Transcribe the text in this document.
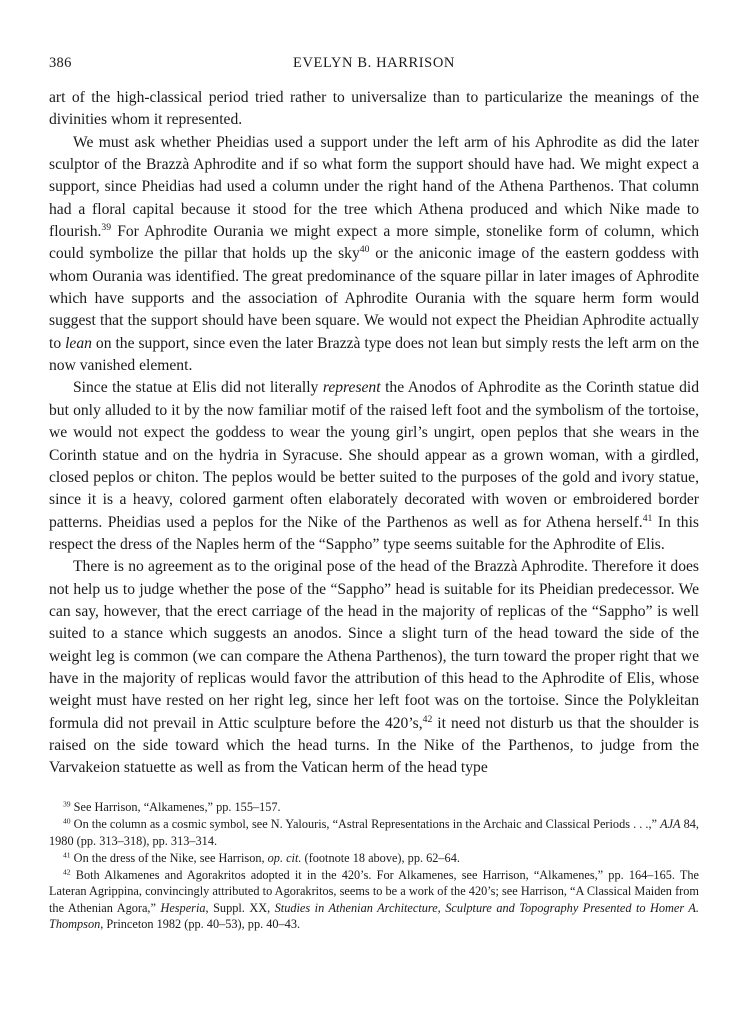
386	EVELYN B. HARRISON

art of the high-classical period tried rather to universalize than to particularize the meanings of the divinities whom it represented.

We must ask whether Pheidias used a support under the left arm of his Aphrodite as did the later sculptor of the Brazzà Aphrodite and if so what form the support should have had. We might expect a support, since Pheidias had used a column under the right hand of the Athena Parthenos. That column had a floral capital because it stood for the tree which Athena produced and which Nike made to flourish.$^{39}$ For Aphrodite Ourania we might expect a more simple, stonelike form of column, which could symbolize the pillar that holds up the sky$^{40}$ or the aniconic image of the eastern goddess with whom Ourania was identified. The great predominance of the square pillar in later images of Aphrodite which have supports and the association of Aphrodite Ourania with the square herm form would suggest that the support should have been square. We would not expect the Pheidian Aphrodite actually to lean on the support, since even the later Brazzà type does not lean but simply rests the left arm on the now vanished element.

Since the statue at Elis did not literally represent the Anodos of Aphrodite as the Corinth statue did but only alluded to it by the now familiar motif of the raised left foot and the symbolism of the tortoise, we would not expect the goddess to wear the young girl’s ungirt, open peplos that she wears in the Corinth statue and on the hydria in Syracuse. She should appear as a grown woman, with a girdled, closed peplos or chiton. The peplos would be better suited to the purposes of the gold and ivory statue, since it is a heavy, colored garment often elaborately decorated with woven or embroidered border patterns. Pheidias used a peplos for the Nike of the Parthenos as well as for Athena herself.$^{41}$ In this respect the dress of the Naples herm of the “Sappho” type seems suitable for the Aphrodite of Elis.

There is no agreement as to the original pose of the head of the Brazzà Aphrodite. Therefore it does not help us to judge whether the pose of the “Sappho” head is suitable for its Pheidian predecessor. We can say, however, that the erect carriage of the head in the majority of replicas of the “Sappho” is well suited to a stance which suggests an anodos. Since a slight turn of the head toward the side of the weight leg is common (we can compare the Athena Parthenos), the turn toward the proper right that we have in the majority of replicas would favor the attribution of this head to the Aphrodite of Elis, whose weight must have rested on her right leg, since her left foot was on the tortoise. Since the Polykleitan formula did not prevail in Attic sculpture before the 420’s,$^{42}$ it need not disturb us that the shoulder is raised on the side toward which the head turns. In the Nike of the Parthenos, to judge from the Varvakeion statuette as well as from the Vatican herm of the head type

$^{39}$ See Harrison, “Alkamenes,” pp. 155–157.

$^{40}$ On the column as a cosmic symbol, see N. Yalouris, “Astral Representations in the Archaic and Classical Periods . . .,” AJA 84, 1980 (pp. 313–318), pp. 313–314.

$^{41}$ On the dress of the Nike, see Harrison, op. cit. (footnote 18 above), pp. 62–64.

$^{42}$ Both Alkamenes and Agorakritos adopted it in the 420’s. For Alkamenes, see Harrison, “Alkamenes,” pp. 164–165. The Lateran Agrippina, convincingly attributed to Agorakritos, seems to be a work of the 420’s; see Harrison, “A Classical Maiden from the Athenian Agora,” Hesperia, Suppl. XX, Studies in Athenian Architecture, Sculpture and Topography Presented to Homer A. Thompson, Princeton 1982 (pp. 40–53), pp. 40–43.
